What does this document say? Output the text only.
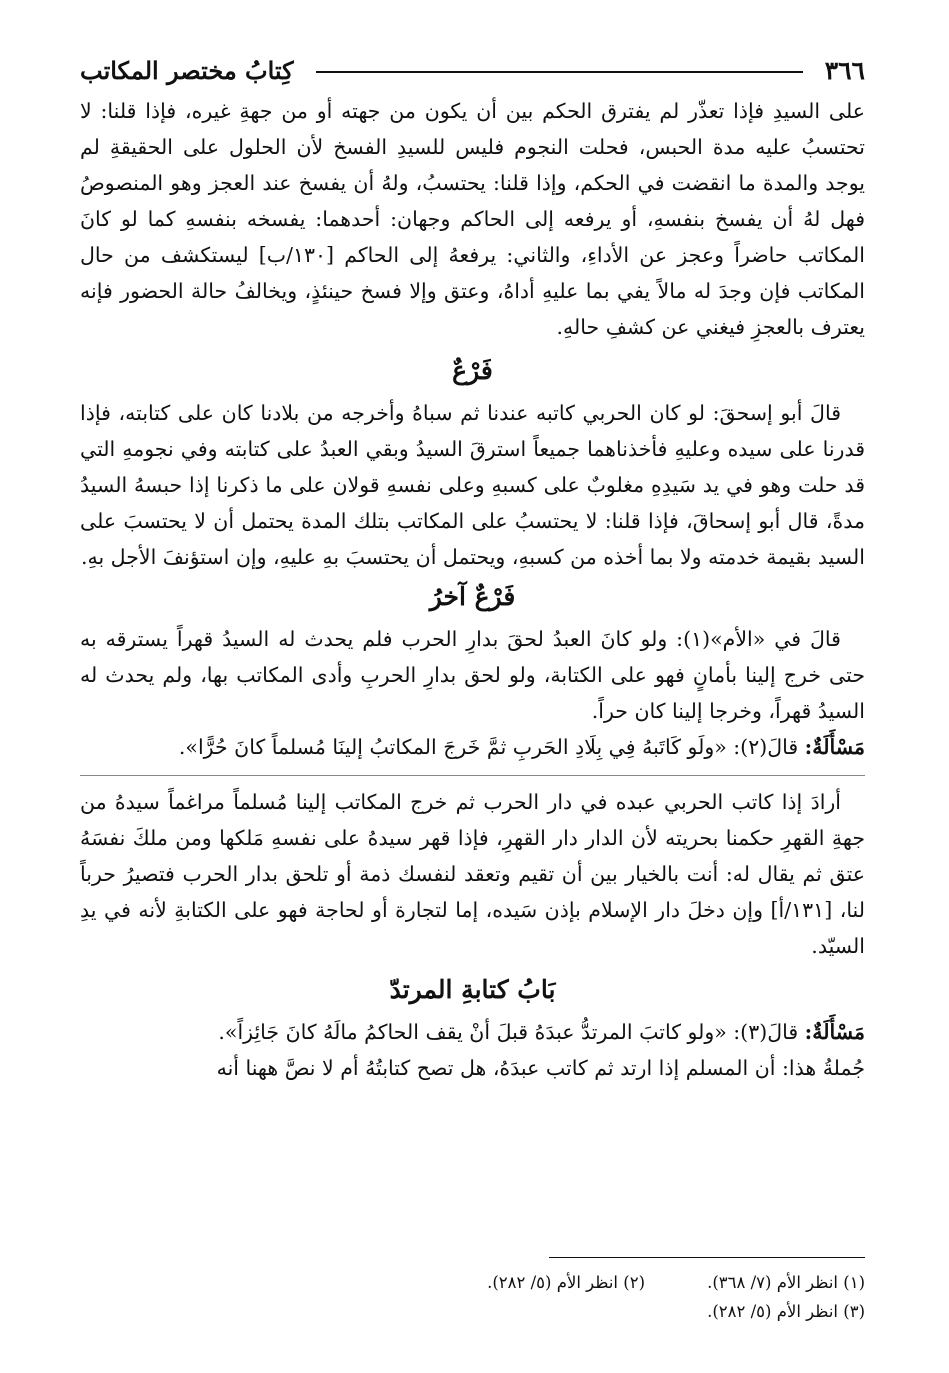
٣٦٦
كِتابُ مختصر المكاتب

على السيدِ فإذا تعذّر لم يفترق الحكم بين أن يكون من جهته أو من جهةِ غيره، فإذا قلنا: لا تحتسبُ عليه مدة الحبس، فحلت النجوم فليس للسيدِ الفسخ لأن الحلول على الحقيقةِ لم يوجد والمدة ما انقضت في الحكم، وإذا قلنا: يحتسبُ، ولهُ أن يفسخ عند العجز وهو المنصوصُ فهل لهُ أن يفسخ بنفسهِ، أو يرفعه إلى الحاكم وجهان: أحدهما: يفسخه بنفسهِ كما لو كانَ المكاتب حاضراً وعجز عن الأداءِ، والثاني: يرفعهُ إلى الحاكم [١٣٠/ب] ليستكشف من حال المكاتب فإن وجدَ له مالاً يفي بما عليهِ أداهُ، وعتق وإلا فسخ حينئذٍ، ويخالفُ حالة الحضور فإنه يعترف بالعجزِ فيغني عن كشفِ حالهِ.

فَرْعٌ

قالَ أبو إسحقَ: لو كان الحربي كاتبه عندنا ثم سباهُ وأخرجه من بلادنا كان على كتابته، فإذا قدرنا على سيده وعليهِ فأخذناهما جميعاً استرقَ السيدُ وبقي العبدُ على كتابته وفي نجومهِ التي قد حلت وهو في يد سَيدِهِ مغلوبٌ على كسبهِ وعلى نفسهِ قولان على ما ذكرنا إذا حبسهُ السيدُ مدةً، قال أبو إسحاقَ، فإذا قلنا: لا يحتسبُ على المكاتب بتلك المدة يحتمل أن لا يحتسبَ على السيد بقيمة خدمته ولا بما أخذه من كسبهِ، ويحتمل أن يحتسبَ بهِ عليهِ، وإن استؤنفَ الأجل بهِ.

فَرْعٌ آخرُ

قالَ في «الأم»(١): ولو كانَ العبدُ لحقَ بدارِ الحرب فلم يحدث له السيدُ قهراً يسترقه به حتى خرج إلينا بأمانٍ فهو على الكتابة، ولو لحق بدارِ الحربِ وأدى المكاتب بها، ولم يحدث له السيدُ قهراً، وخرجا إلينا كان حراً.

مَسْأَلَةٌ: قالَ(٢): «ولَو كَاتَبهُ فِي بِلَادِ الحَربِ ثمَّ خَرجَ المكاتبُ إلينَا مُسلماً كانَ حُرًّا».

أرادَ إذا كاتب الحربي عبده في دار الحرب ثم خرج المكاتب إلينا مُسلماً مراغماً سيدهُ من جهةِ القهرِ حكمنا بحريته لأن الدار دار القهرِ، فإذا قهر سيدهُ على نفسهِ مَلكها ومن ملكَ نفسَهُ عتق ثم يقال له: أنت بالخيار بين أن تقيم وتعقد لنفسك ذمة أو تلحق بدار الحرب فتصيرُ حرباً لنا، [١٣١/أ] وإن دخلَ دار الإسلام بإذن سَيده، إما لتجارة أو لحاجة فهو على الكتابةِ لأنه في يدِ السيّد.

بَابُ كتابةِ المرتدّ

مَسْأَلَةٌ: قالَ(٣): «ولو كاتبَ المرتدُّ عبدَهُ قبلَ أنْ يقف الحاكمُ مالَهُ كانَ جَائِزاً».

جُملةُ هذا: أن المسلم إذا ارتد ثم كاتب عبدَهُ، هل تصح كتابتُهُ أم لا نصَّ ههنا أنه

(١) انظر الأم (٧/ ٣٦٨).
(٢) انظر الأم (٥/ ٢٨٢).
(٣) انظر الأم (٥/ ٢٨٢).
